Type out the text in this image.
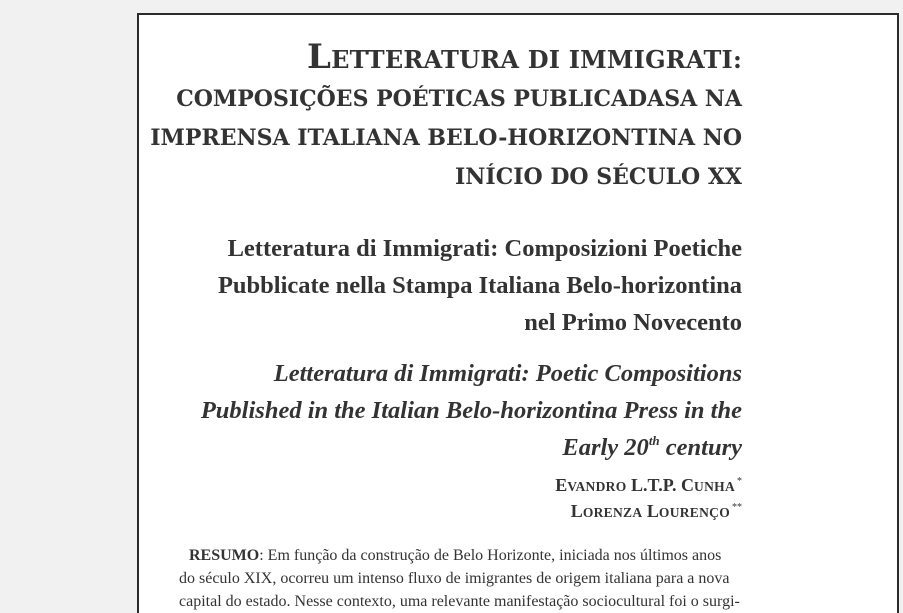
LETTERATURA DI IMMIGRATI:
COMPOSIÇÕES POÉTICAS PUBLICADASA NA
IMPRENSA ITALIANA BELO-HORIZONTINA NO
INÍCIO DO SÉCULO XX
Letteratura di Immigrati: Composizioni Poetiche
Pubblicate nella Stampa Italiana Belo-horizontina
nel Primo Novecento
Letteratura di Immigrati: Poetic Compositions
Published in the Italian Belo-horizontina Press in the
Early 20th century
EVANDRO L.T.P. CUNHA *
LORENZA LOURENÇO **
RESUMO: Em função da construção de Belo Horizonte, iniciada nos últimos anos
do século XIX, ocorreu um intenso fluxo de imigrantes de origem italiana para a nova
capital do estado. Nesse contexto, uma relevante manifestação sociocultural foi o surgi-
